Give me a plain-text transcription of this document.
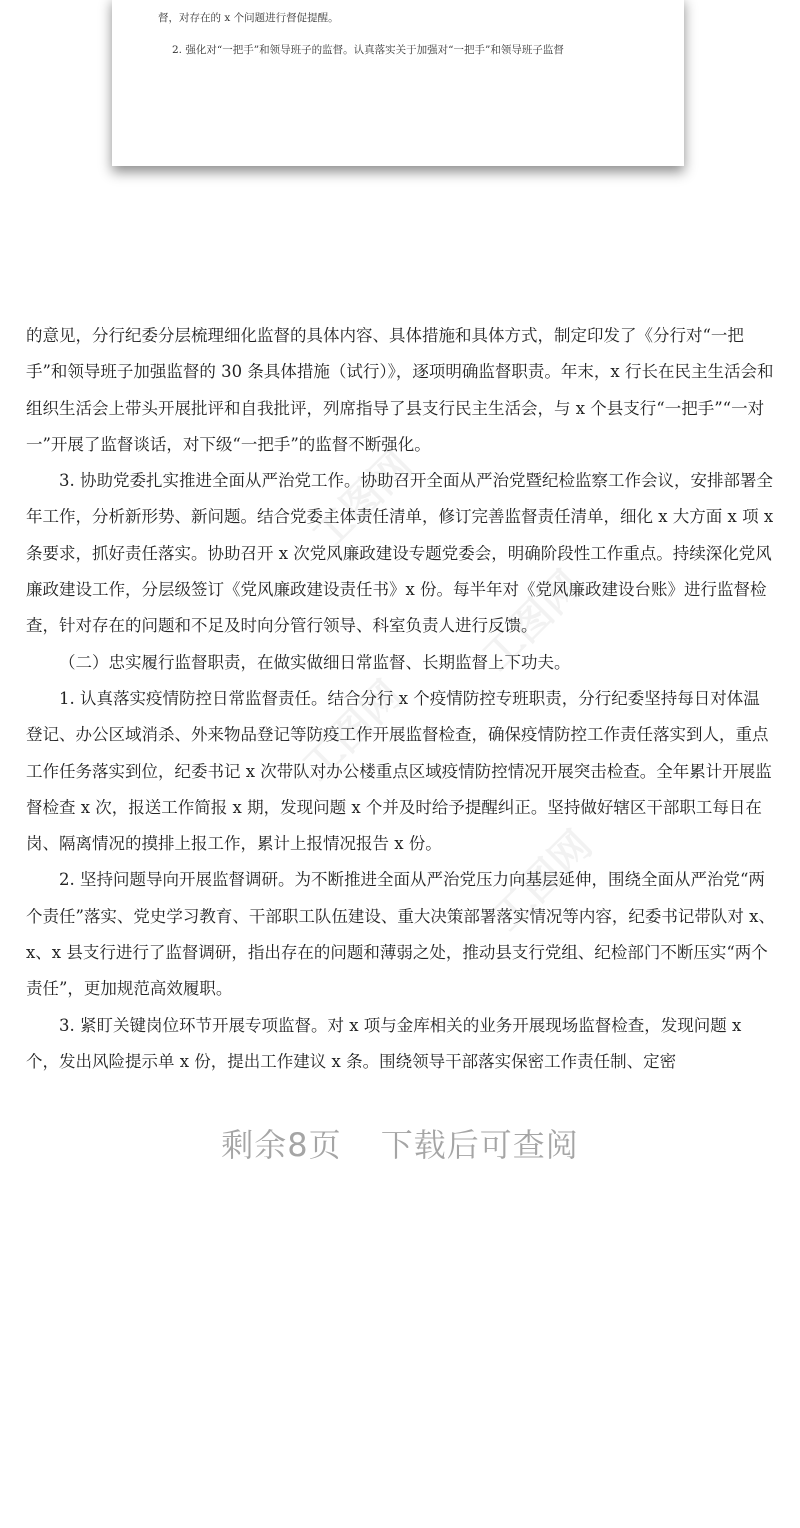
督，对存在的 x 个问题进行督促提醒。
2. 强化对“一把手”和领导班子的监督。认真落实关于加强对“一把手”和领导班子监督
工图网
工图网
工图网
工图网

的意见，分行纪委分层梳理细化监督的具体内容、具体措施和具体方式，制定印发了《分行对“一把手”和领导班子加强监督的 30 条具体措施（试行）》，逐项明确监督职责。年末，x 行长在民主生活会和组织生活会上带头开展批评和自我批评，列席指导了县支行民主生活会，与 x 个县支行“一把手”“一对一”开展了监督谈话，对下级“一把手”的监督不断强化。

3. 协助党委扎实推进全面从严治党工作。协助召开全面从严治党暨纪检监察工作会议，安排部署全年工作，分析新形势、新问题。结合党委主体责任清单，修订完善监督责任清单，细化 x 大方面 x 项 x 条要求，抓好责任落实。协助召开 x 次党风廉政建设专题党委会，明确阶段性工作重点。持续深化党风廉政建设工作，分层级签订《党风廉政建设责任书》x 份。每半年对《党风廉政建设台账》进行监督检查，针对存在的问题和不足及时向分管行领导、科室负责人进行反馈。

（二）忠实履行监督职责，在做实做细日常监督、长期监督上下功夫。

1. 认真落实疫情防控日常监督责任。结合分行 x 个疫情防控专班职责，分行纪委坚持每日对体温登记、办公区域消杀、外来物品登记等防疫工作开展监督检查，确保疫情防控工作责任落实到人，重点工作任务落实到位，纪委书记 x 次带队对办公楼重点区域疫情防控情况开展突击检查。全年累计开展监督检查 x 次，报送工作简报 x 期，发现问题 x 个并及时给予提醒纠正。坚持做好辖区干部职工每日在岗、隔离情况的摸排上报工作，累计上报情况报告 x 份。

2. 坚持问题导向开展监督调研。为不断推进全面从严治党压力向基层延伸，围绕全面从严治党“两个责任”落实、党史学习教育、干部职工队伍建设、重大决策部署落实情况等内容，纪委书记带队对 x、x、x 县支行进行了监督调研，指出存在的问题和薄弱之处，推动县支行党组、纪检部门不断压实“两个责任”，更加规范高效履职。

3. 紧盯关键岗位环节开展专项监督。对 x 项与金库相关的业务开展现场监督检查，发现问题 x 个，发出风险提示单 x 份，提出工作建议 x 条。围绕领导干部落实保密工作责任制、定密

剩余8页 下载后可查阅
